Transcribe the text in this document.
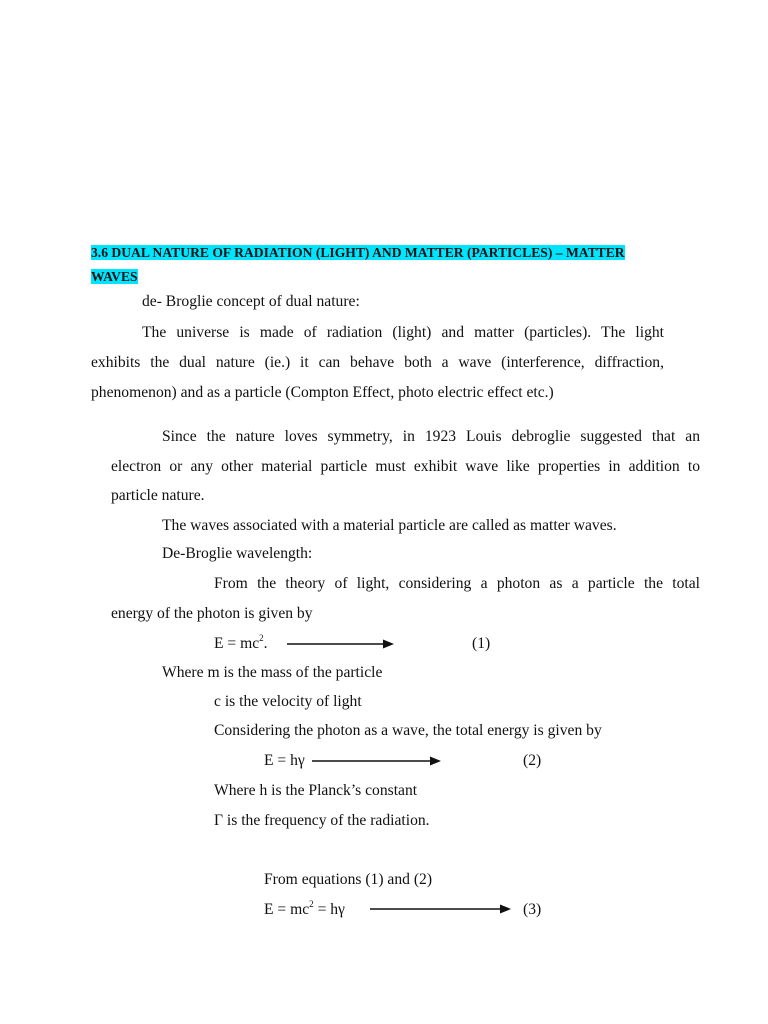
3.6 DUAL NATURE OF RADIATION (LIGHT) AND MATTER (PARTICLES) – MATTER
WAVES
de- Broglie concept of dual nature:
The universe is made of radiation (light) and matter (particles). The light
exhibits the dual nature (ie.) it can behave both a wave (interference, diffraction,
phenomenon) and as a particle (Compton Effect, photo electric effect etc.)
Since the nature loves symmetry, in 1923 Louis debroglie suggested that an
electron or any other material particle must exhibit wave like properties in addition to
particle nature.
The waves associated with a material particle are called as matter waves.
De-Broglie wavelength:
From the theory of light, considering a photon as a particle the total
energy of the photon is given by
$E = mc^2$.	(1)
Where m is the mass of the particle
c is the velocity of light
Considering the photon as a wave, the total energy is given by
E = hγ	(2)
Where h is the Planck’s constant
Γ is the frequency of the radiation.
From equations (1) and (2)
$E = mc^2 = h\gamma$	(3)
